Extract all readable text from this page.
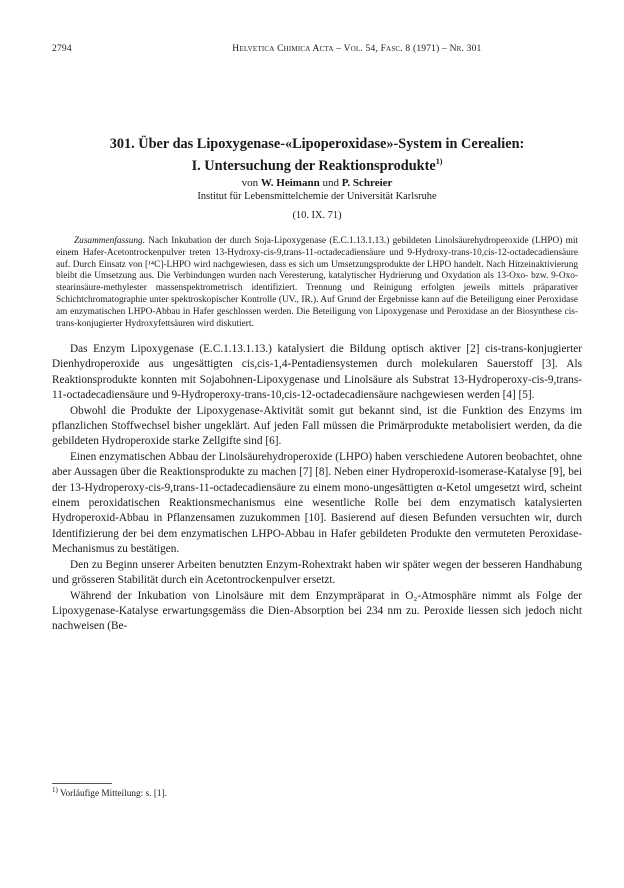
2794	Helvetica Chimica Acta – Vol. 54, Fasc. 8 (1971) – Nr. 301
301. Über das Lipoxygenase-«Lipoperoxidase»-System in Cerealien:
I. Untersuchung der Reaktionsprodukte$^{1)}$
von W. Heimann und P. Schreier
Institut für Lebensmittelchemie der Universität Karlsruhe
(10. IX. 71)
Zusammenfassung. Nach Inkubation der durch Soja-Lipoxygenase (E.C.1.13.1.13.) gebildeten Linolsäurehydroperoxide (LHPO) mit einem Hafer-Acetontrockenpulver treten 13-Hydroxy-cis-9,trans-11-octadecadiensäure und 9-Hydroxy-trans-10,cis-12-octadecadiensäure auf. Durch Einsatz von [¹⁴C]-LHPO wird nachgewiesen, dass es sich um Umsetzungsprodukte der LHPO handelt. Nach Hitzeinaktivierung bleibt die Umsetzung aus. Die Verbindungen wurden nach Veresterung, katalytischer Hydrierung und Oxydation als 13-Oxo- bzw. 9-Oxo-stearinsäure-methylester massenspektrometrisch identifiziert. Trennung und Reinigung erfolgten jeweils mittels präparativer Schichtchromatographie unter spektroskopischer Kontrolle (UV., IR.). Auf Grund der Ergebnisse kann auf die Beteiligung einer Peroxidase am enzymatischen LHPO-Abbau in Hafer geschlossen werden. Die Beteiligung von Lipoxygenase und Peroxidase an der Biosynthese cis-trans-konjugierter Hydroxyfettsäuren wird diskutiert.

Das Enzym Lipoxygenase (E.C.1.13.1.13.) katalysiert die Bildung optisch aktiver [2] cis-trans-konjugierter Dienhydroperoxide aus ungesättigten cis,cis-1,4-Pentadiensystemen durch molekularen Sauerstoff [3]. Als Reaktionsprodukte konnten mit Sojabohnen-Lipoxygenase und Linolsäure als Substrat 13-Hydroperoxy-cis-9,trans-11-octadecadiensäure und 9-Hydroperoxy-trans-10,cis-12-octadecadiensäure nachgewiesen werden [4] [5].

Obwohl die Produkte der Lipoxygenase-Aktivität somit gut bekannt sind, ist die Funktion des Enzyms im pflanzlichen Stoffwechsel bisher ungeklärt. Auf jeden Fall müssen die Primärprodukte metabolisiert werden, da die gebildeten Hydroperoxide starke Zellgifte sind [6].

Einen enzymatischen Abbau der Linolsäurehydroperoxide (LHPO) haben verschiedene Autoren beobachtet, ohne aber Aussagen über die Reaktionsprodukte zu machen [7] [8]. Neben einer Hydroperoxid-isomerase-Katalyse [9], bei der 13-Hydroperoxy-cis-9,trans-11-octadecadiensäure zu einem mono-ungesättigten α-Ketol umgesetzt wird, scheint einem peroxidatischen Reaktionsmechanismus eine wesentliche Rolle bei dem enzymatisch katalysierten Hydroperoxid-Abbau in Pflanzensamen zuzukommen [10]. Basierend auf diesen Befunden versuchten wir, durch Identifizierung der bei dem enzymatischen LHPO-Abbau in Hafer gebildeten Produkte den vermuteten Peroxidase-Mechanismus zu bestätigen.

Den zu Beginn unserer Arbeiten benutzten Enzym-Rohextrakt haben wir später wegen der besseren Handhabung und grösseren Stabilität durch ein Acetontrockenpulver ersetzt.

Während der Inkubation von Linolsäure mit dem Enzympräparat in O₂-Atmosphäre nimmt als Folge der Lipoxygenase-Katalyse erwartungsgemäss die Dien-Absorption bei 234 nm zu. Peroxide liessen sich jedoch nicht nachweisen (Be-

$^{1)}$ Vorläufige Mitteilung: s. [1].
